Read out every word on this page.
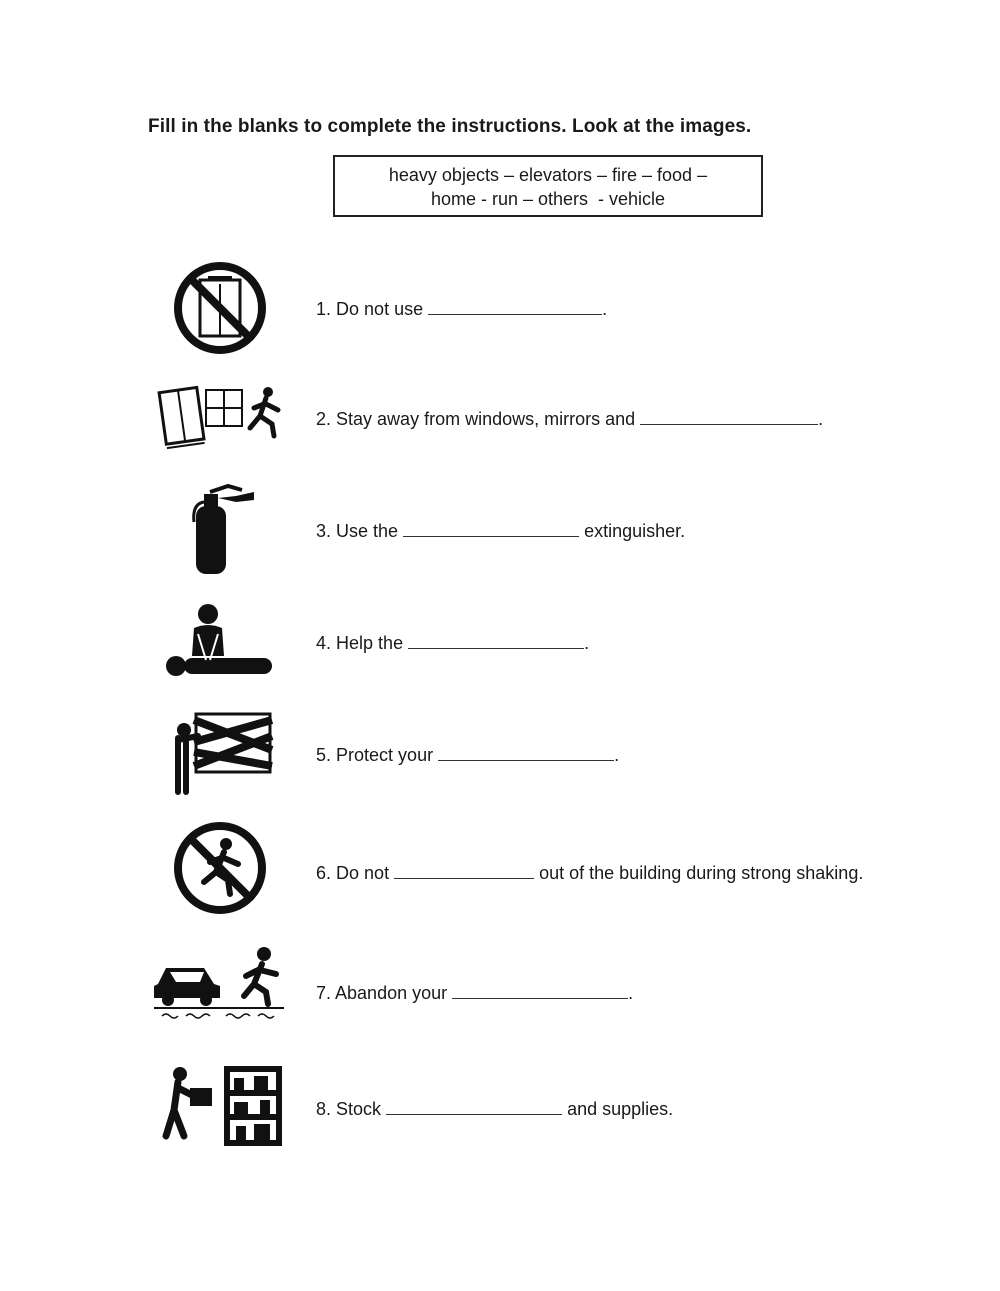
Fill in the blanks to complete the instructions. Look at the images.
heavy objects – elevators – fire – food –
home - run – others  - vehicle
1. Do not use	.
2. Stay away from windows, mirrors and	.
3. Use the	extinguisher.
4. Help the	.
5. Protect your	.
6. Do not	out of the building during strong shaking.
7. Abandon your	.
8. Stock	and supplies.
